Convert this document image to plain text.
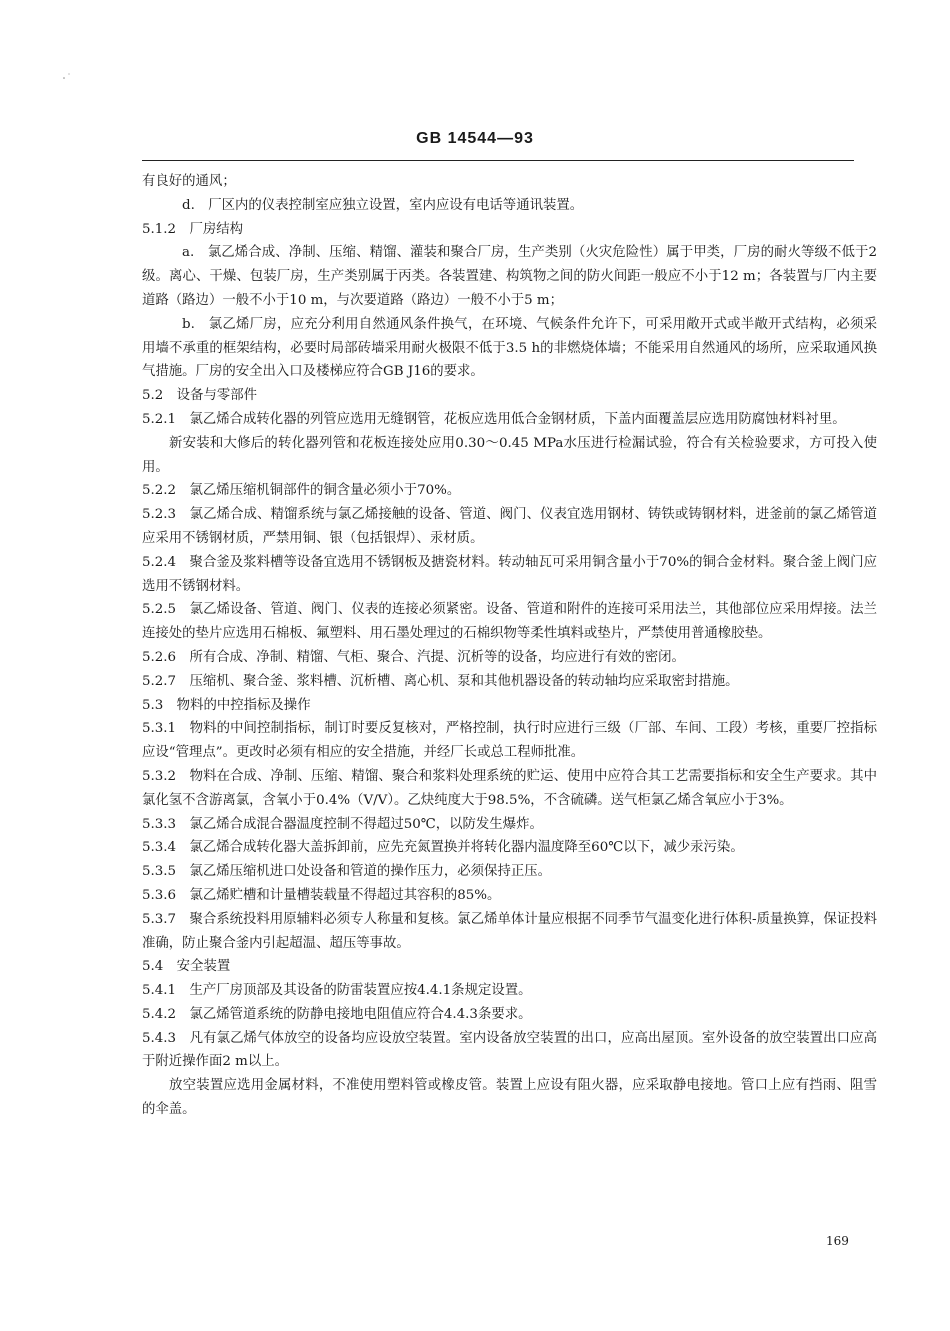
GB 14544—93

有良好的通风；

d.　厂区内的仪表控制室应独立设置，室内应设有电话等通讯装置。

5.1.2　厂房结构

a.　氯乙烯合成、净制、压缩、精馏、灌装和聚合厂房，生产类别（火灾危险性）属于甲类，厂房的耐火等级不低于2级。离心、干燥、包装厂房，生产类别属于丙类。各装置建、构筑物之间的防火间距一般应不小于12 m；各装置与厂内主要道路（路边）一般不小于10 m，与次要道路（路边）一般不小于5 m；

b.　氯乙烯厂房，应充分利用自然通风条件换气，在环境、气候条件允许下，可采用敞开式或半敞开式结构，必须采用墙不承重的框架结构，必要时局部砖墙采用耐火极限不低于3.5 h的非燃烧体墙；不能采用自然通风的场所，应采取通风换气措施。厂房的安全出入口及楼梯应符合GB J16的要求。

5.2　设备与零部件

5.2.1　氯乙烯合成转化器的列管应选用无缝钢管，花板应选用低合金钢材质，下盖内面覆盖层应选用防腐蚀材料衬里。

新安装和大修后的转化器列管和花板连接处应用0.30～0.45 MPa水压进行检漏试验，符合有关检验要求，方可投入使用。

5.2.2　氯乙烯压缩机铜部件的铜含量必须小于70%。

5.2.3　氯乙烯合成、精馏系统与氯乙烯接触的设备、管道、阀门、仪表宜选用钢材、铸铁或铸钢材料，进釜前的氯乙烯管道应采用不锈钢材质，严禁用铜、银（包括银焊）、汞材质。

5.2.4　聚合釜及浆料槽等设备宜选用不锈钢板及搪瓷材料。转动轴瓦可采用铜含量小于70%的铜合金材料。聚合釜上阀门应选用不锈钢材料。

5.2.5　氯乙烯设备、管道、阀门、仪表的连接必须紧密。设备、管道和附件的连接可采用法兰，其他部位应采用焊接。法兰连接处的垫片应选用石棉板、氟塑料、用石墨处理过的石棉织物等柔性填料或垫片，严禁使用普通橡胶垫。

5.2.6　所有合成、净制、精馏、气柜、聚合、汽提、沉析等的设备，均应进行有效的密闭。

5.2.7　压缩机、聚合釜、浆料槽、沉析槽、离心机、泵和其他机器设备的转动轴均应采取密封措施。

5.3　物料的中控指标及操作

5.3.1　物料的中间控制指标，制订时要反复核对，严格控制，执行时应进行三级（厂部、车间、工段）考核，重要厂控指标应设“管理点”。更改时必须有相应的安全措施，并经厂长或总工程师批准。

5.3.2　物料在合成、净制、压缩、精馏、聚合和浆料处理系统的贮运、使用中应符合其工艺需要指标和安全生产要求。其中氯化氢不含游离氯，含氧小于0.4%（V/V）。乙炔纯度大于98.5%，不含硫磷。送气柜氯乙烯含氧应小于3%。

5.3.3　氯乙烯合成混合器温度控制不得超过50℃，以防发生爆炸。

5.3.4　氯乙烯合成转化器大盖拆卸前，应先充氮置换并将转化器内温度降至60℃以下，减少汞污染。

5.3.5　氯乙烯压缩机进口处设备和管道的操作压力，必须保持正压。

5.3.6　氯乙烯贮槽和计量槽装载量不得超过其容积的85%。

5.3.7　聚合系统投料用原辅料必须专人称量和复核。氯乙烯单体计量应根据不同季节气温变化进行体积-质量换算，保证投料准确，防止聚合釜内引起超温、超压等事故。

5.4　安全装置

5.4.1　生产厂房顶部及其设备的防雷装置应按4.4.1条规定设置。

5.4.2　氯乙烯管道系统的防静电接地电阻值应符合4.4.3条要求。

5.4.3　凡有氯乙烯气体放空的设备均应设放空装置。室内设备放空装置的出口，应高出屋顶。室外设备的放空装置出口应高于附近操作面2 m以上。

放空装置应选用金属材料，不准使用塑料管或橡皮管。装置上应设有阻火器，应采取静电接地。管口上应有挡雨、阻雪的伞盖。

169
